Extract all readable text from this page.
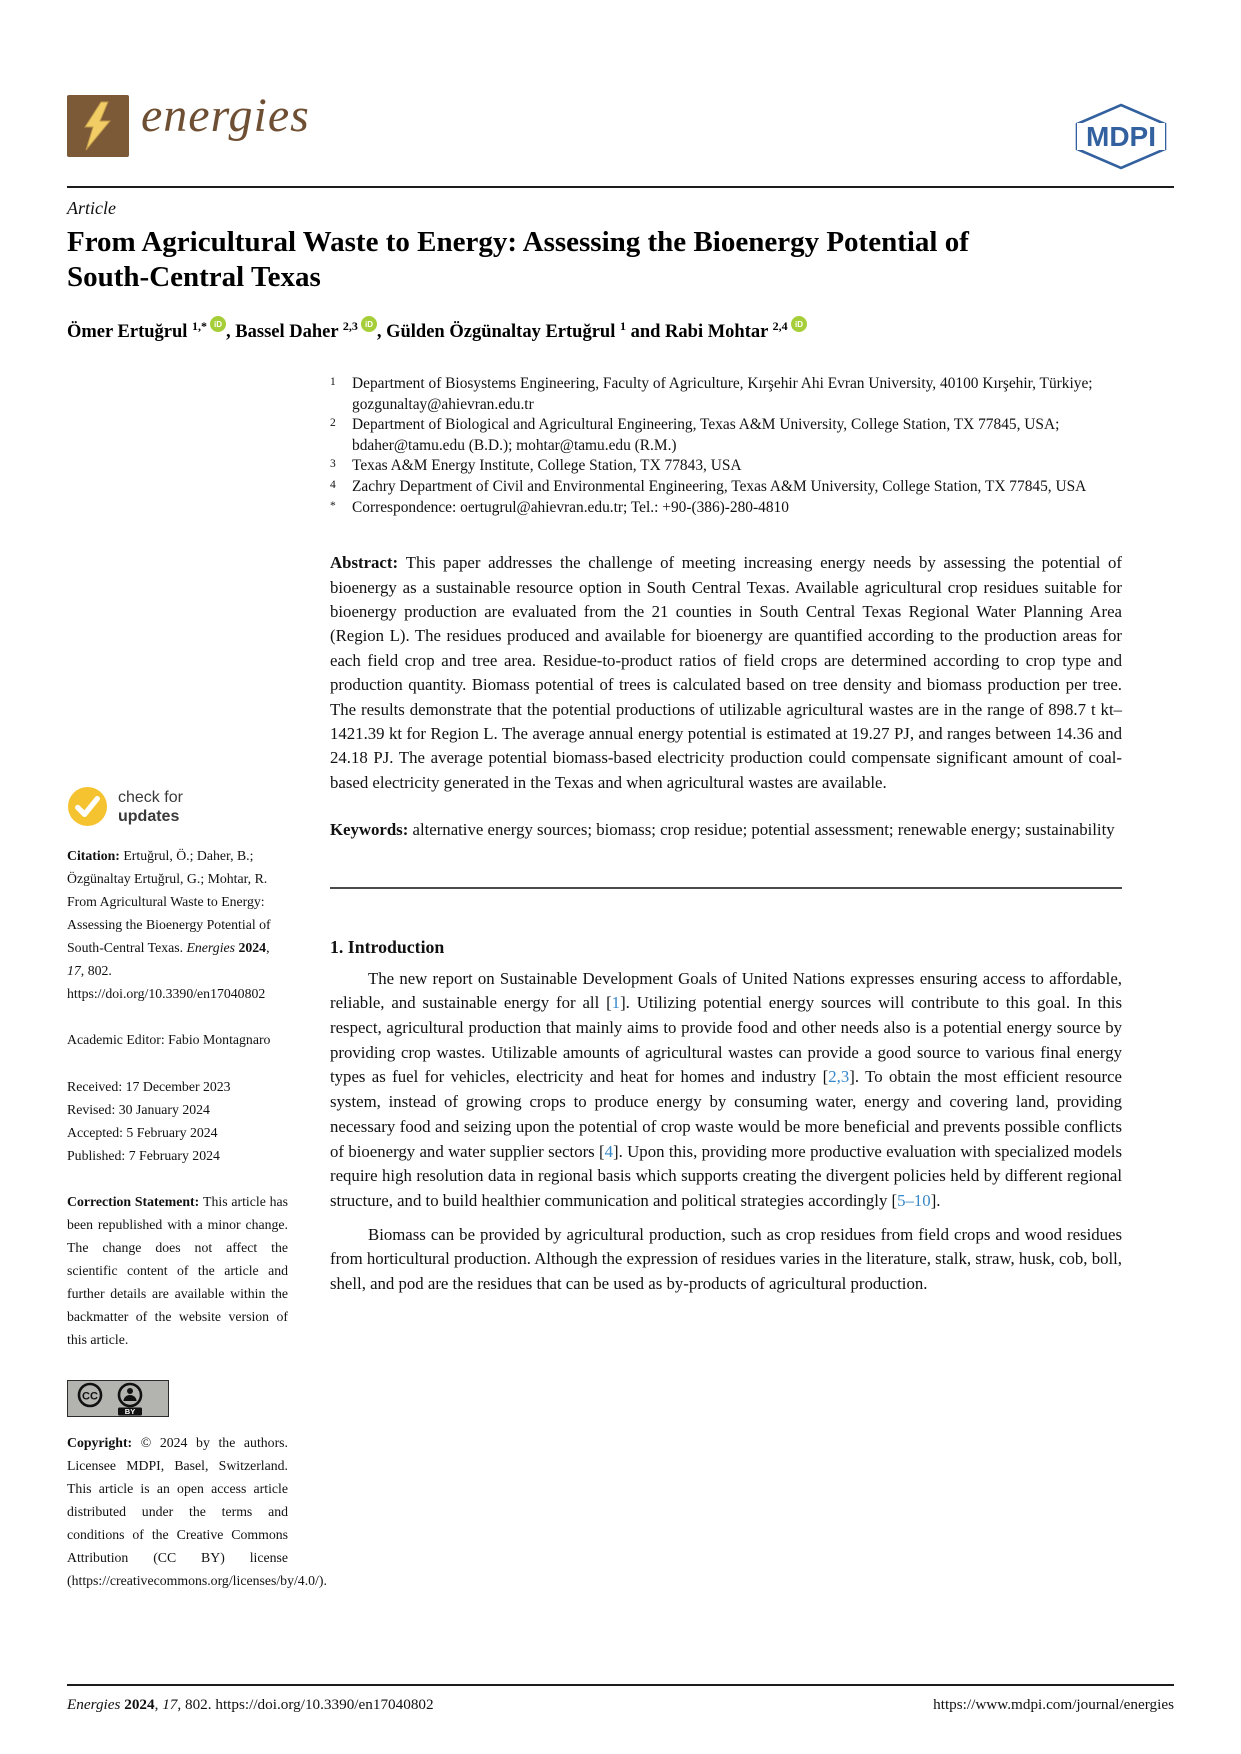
energies	MDPI
Article
From Agricultural Waste to Energy: Assessing the Bioenergy Potential of South-Central Texas
Ömer Ertuğrul $^{1,*}$ iD , Bassel Daher $^{2,3}$ iD , Gülden Özgünaltay Ertuğrul $^1$ and Rabi Mohtar $^{2,4}$ iD
check for
updates
Citation: Ertuğrul, Ö.; Daher, B.; Özgünaltay Ertuğrul, G.; Mohtar, R. From Agricultural Waste to Energy: Assessing the Bioenergy Potential of South-Central Texas. Energies 2024, 17, 802. https://doi.org/10.3390/en17040802
Academic Editor: Fabio Montagnaro
Received: 17 December 2023
Revised: 30 January 2024
Accepted: 5 February 2024
Published: 7 February 2024
Correction Statement: This article has been republished with a minor change. The change does not affect the scientific content of the article and further details are available within the backmatter of the website version of this article.
CC
BY
Copyright: © 2024 by the authors. Licensee MDPI, Basel, Switzerland. This article is an open access article distributed under the terms and conditions of the Creative Commons Attribution (CC BY) license (https://creativecommons.org/licenses/by/4.0/).
1 Department of Biosystems Engineering, Faculty of Agriculture, Kırşehir Ahi Evran University, 40100 Kırşehir, Türkiye; gozgunaltay@ahievran.edu.tr
2 Department of Biological and Agricultural Engineering, Texas A&M University, College Station, TX 77845, USA; bdaher@tamu.edu (B.D.); mohtar@tamu.edu (R.M.)
3 Texas A&M Energy Institute, College Station, TX 77843, USA
4 Zachry Department of Civil and Environmental Engineering, Texas A&M University, College Station, TX 77845, USA
* Correspondence: oertugrul@ahievran.edu.tr; Tel.: +90-(386)-280-4810

Abstract: This paper addresses the challenge of meeting increasing energy needs by assessing the potential of bioenergy as a sustainable resource option in South Central Texas. Available agricultural crop residues suitable for bioenergy production are evaluated from the 21 counties in South Central Texas Regional Water Planning Area (Region L). The residues produced and available for bioenergy are quantified according to the production areas for each field crop and tree area. Residue-to-product ratios of field crops are determined according to crop type and production quantity. Biomass potential of trees is calculated based on tree density and biomass production per tree. The results demonstrate that the potential productions of utilizable agricultural wastes are in the range of 898.7 t kt–1421.39 kt for Region L. The average annual energy potential is estimated at 19.27 PJ, and ranges between 14.36 and 24.18 PJ. The average potential biomass-based electricity production could compensate significant amount of coal-based electricity generated in the Texas and when agricultural wastes are available.

Keywords: alternative energy sources; biomass; crop residue; potential assessment; renewable energy; sustainability

1. Introduction

The new report on Sustainable Development Goals of United Nations expresses ensuring access to affordable, reliable, and sustainable energy for all [1]. Utilizing potential energy sources will contribute to this goal. In this respect, agricultural production that mainly aims to provide food and other needs also is a potential energy source by providing crop wastes. Utilizable amounts of agricultural wastes can provide a good source to various final energy types as fuel for vehicles, electricity and heat for homes and industry [2,3]. To obtain the most efficient resource system, instead of growing crops to produce energy by consuming water, energy and covering land, providing necessary food and seizing upon the potential of crop waste would be more beneficial and prevents possible conflicts of bioenergy and water supplier sectors [4]. Upon this, providing more productive evaluation with specialized models require high resolution data in regional basis which supports creating the divergent policies held by different regional structure, and to build healthier communication and political strategies accordingly [5–10].

Biomass can be provided by agricultural production, such as crop residues from field crops and wood residues from horticultural production. Although the expression of residues varies in the literature, stalk, straw, husk, cob, boll, shell, and pod are the residues that can be used as by-products of agricultural production.

Energies 2024, 17, 802. https://doi.org/10.3390/en17040802	https://www.mdpi.com/journal/energies
